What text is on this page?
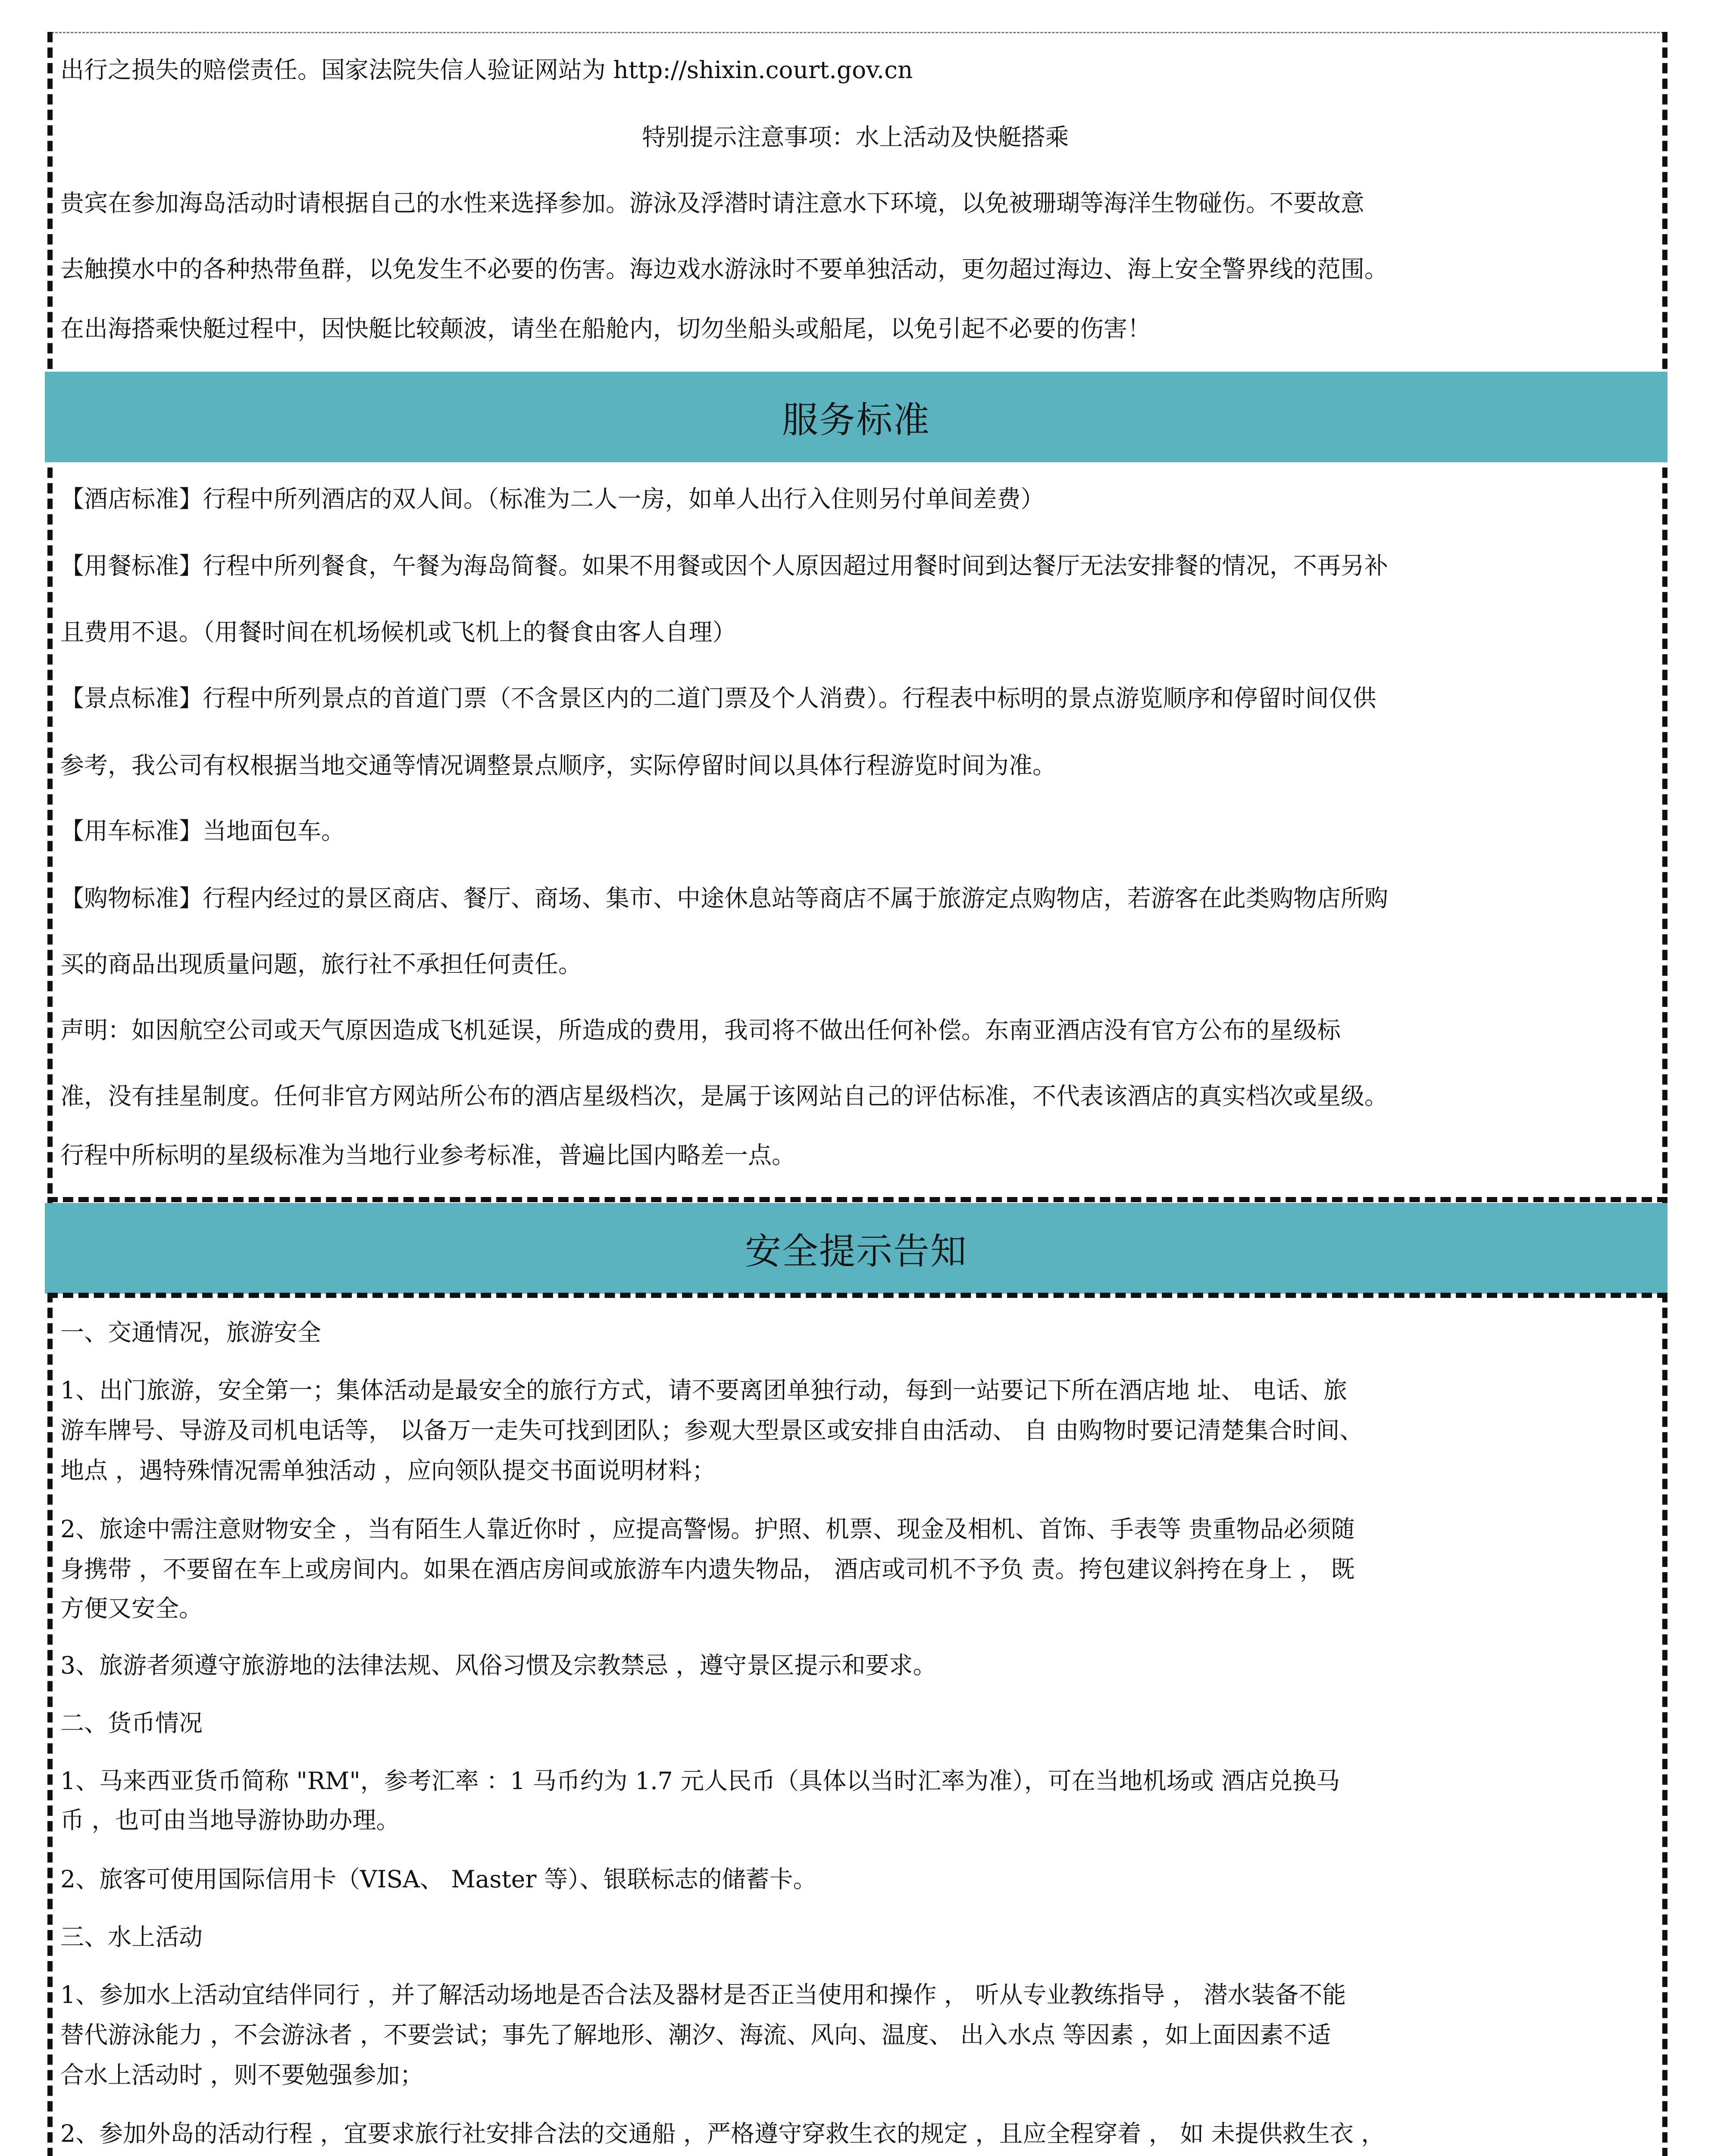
出行之损失的赔偿责任。国家法院失信人验证网站为 http://shixin.court.gov.cn
特别提示注意事项：水上活动及快艇搭乘
贵宾在参加海岛活动时请根据自己的水性来选择参加。游泳及浮潜时请注意水下环境，以免被珊瑚等海洋生物碰伤。不要故意
去触摸水中的各种热带鱼群，以免发生不必要的伤害。海边戏水游泳时不要单独活动，更勿超过海边、海上安全警界线的范围。
在出海搭乘快艇过程中，因快艇比较颠波，请坐在船舱内，切勿坐船头或船尾，以免引起不必要的伤害！
服务标准
【酒店标准】行程中所列酒店的双人间。（标准为二人一房，如单人出行入住则另付单间差费）
【用餐标准】行程中所列餐食，午餐为海岛简餐。如果不用餐或因个人原因超过用餐时间到达餐厅无法安排餐的情况，不再另补
且费用不退。（用餐时间在机场候机或飞机上的餐食由客人自理）
【景点标准】行程中所列景点的首道门票（不含景区内的二道门票及个人消费）。行程表中标明的景点游览顺序和停留时间仅供
参考，我公司有权根据当地交通等情况调整景点顺序，实际停留时间以具体行程游览时间为准。
【用车标准】当地面包车。
【购物标准】行程内经过的景区商店、餐厅、商场、集市、中途休息站等商店不属于旅游定点购物店，若游客在此类购物店所购
买的商品出现质量问题，旅行社不承担任何责任。
声明：如因航空公司或天气原因造成飞机延误，所造成的费用，我司将不做出任何补偿。东南亚酒店没有官方公布的星级标
准，没有挂星制度。任何非官方网站所公布的酒店星级档次，是属于该网站自己的评估标准，不代表该酒店的真实档次或星级。
行程中所标明的星级标准为当地行业参考标准，普遍比国内略差一点。
安全提示告知
一、交通情况，旅游安全
1、出门旅游，安全第一；集体活动是最安全的旅行方式，请不要离团单独行动，每到一站要记下所在酒店地 址、 电话、旅
游车牌号、导游及司机电话等， 以备万一走失可找到团队；参观大型景区或安排自由活动、 自 由购物时要记清楚集合时间、
地点 ，遇特殊情况需单独活动 ，应向领队提交书面说明材料；
2、旅途中需注意财物安全 ，当有陌生人靠近你时 ，应提高警惕。护照、机票、现金及相机、首饰、手表等 贵重物品必须随
身携带 ，不要留在车上或房间内。如果在酒店房间或旅游车内遗失物品， 酒店或司机不予负 责。挎包建议斜挎在身上 ， 既
方便又安全。
3、旅游者须遵守旅游地的法律法规、风俗习惯及宗教禁忌 ，遵守景区提示和要求。
二、货币情况
1、马来西亚货币简称 "RM"，参考汇率 ：1 马币约为 1.7 元人民币（具体以当时汇率为准），可在当地机场或 酒店兑换马
币 ，也可由当地导游协助办理。
2、旅客可使用国际信用卡（VISA、 Master 等）、银联标志的储蓄卡。
三、水上活动
1、参加水上活动宜结伴同行 ，并了解活动场地是否合法及器材是否正当使用和操作 ， 听从专业教练指导 ， 潜水装备不能
替代游泳能力 ，不会游泳者 ，不要尝试；事先了解地形、潮汐、海流、风向、温度、 出入水点 等因素 ，如上面因素不适
合水上活动时 ，则不要勉强参加；
2、参加外岛的活动行程 ，宜要求旅行社安排合法的交通船 ，严格遵守穿救生衣的规定 ，且应全程穿着 ， 如 未提供救生衣 ，
